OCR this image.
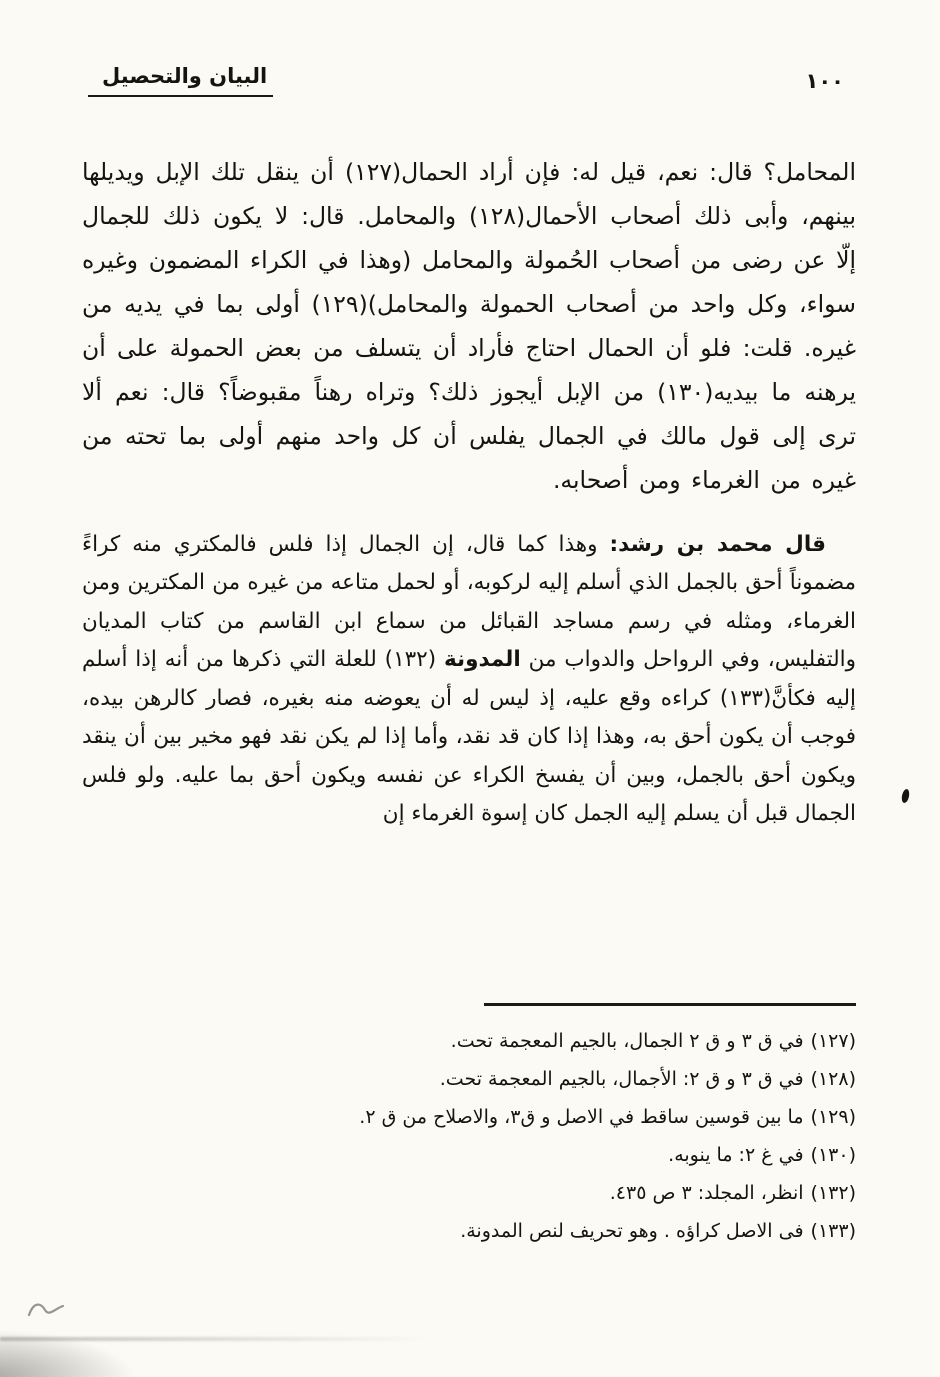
البيان والتحصيل	١٠٠

المحامل؟ قال: نعم، قيل له: فإن أراد الحمال(١٢٧) أن ينقل تلك الإبل ويديلها بينهم، وأبى ذلك أصحاب الأحمال(١٢٨) والمحامل. قال: لا يكون ذلك للجمال إلّا عن رضى من أصحاب الحُمولة والمحامل (وهذا في الكراء المضمون وغيره سواء، وكل واحد من أصحاب الحمولة والمحامل)(١٢٩) أولى بما في يديه من غيره. قلت: فلو أن الحمال احتاج فأراد أن يتسلف من بعض الحمولة على أن يرهنه ما بيديه(١٣٠) من الإبل أيجوز ذلك؟ وتراه رهناً مقبوضاً؟ قال: نعم ألا ترى إلى قول مالك في الجمال يفلس أن كل واحد منهم أولى بما تحته من غيره من الغرماء ومن أصحابه.

قال محمد بن رشد: وهذا كما قال، إن الجمال إذا فلس فالمكتري منه كراءً مضموناً أحق بالجمل الذي أسلم إليه لركوبه، أو لحمل متاعه من غيره من المكترين ومن الغرماء، ومثله في رسم مساجد القبائل من سماع ابن القاسم من كتاب المديان والتفليس، وفي الرواحل والدواب من المدونة (١٣٢) للعلة التي ذكرها من أنه إذا أسلم إليه فكأنَّ(١٣٣) كراءه وقع عليه، إذ ليس له أن يعوضه منه بغيره، فصار كالرهن بيده، فوجب أن يكون أحق به، وهذا إذا كان قد نقد، وأما إذا لم يكن نقد فهو مخير بين أن ينقد ويكون أحق بالجمل، وبين أن يفسخ الكراء عن نفسه ويكون أحق بما عليه. ولو فلس الجمال قبل أن يسلم إليه الجمل كان إسوة الغرماء إن

(١٢٧)في ق ٣ و ق ٢ الجمال، بالجيم المعجمة تحت.
(١٢٨)في ق ٣ و ق ٢: الأجمال، بالجيم المعجمة تحت.
(١٢٩)ما بين قوسين ساقط في الاصل و ق٣، والاصلاح من ق ٢.
(١٣٠)في غ ٢: ما ينوبه.
(١٣٢)انظر، المجلد: ٣ ص ٤٣٥.
(١٣٣)فى الاصل كراؤه . وهو تحريف لنص المدونة.
